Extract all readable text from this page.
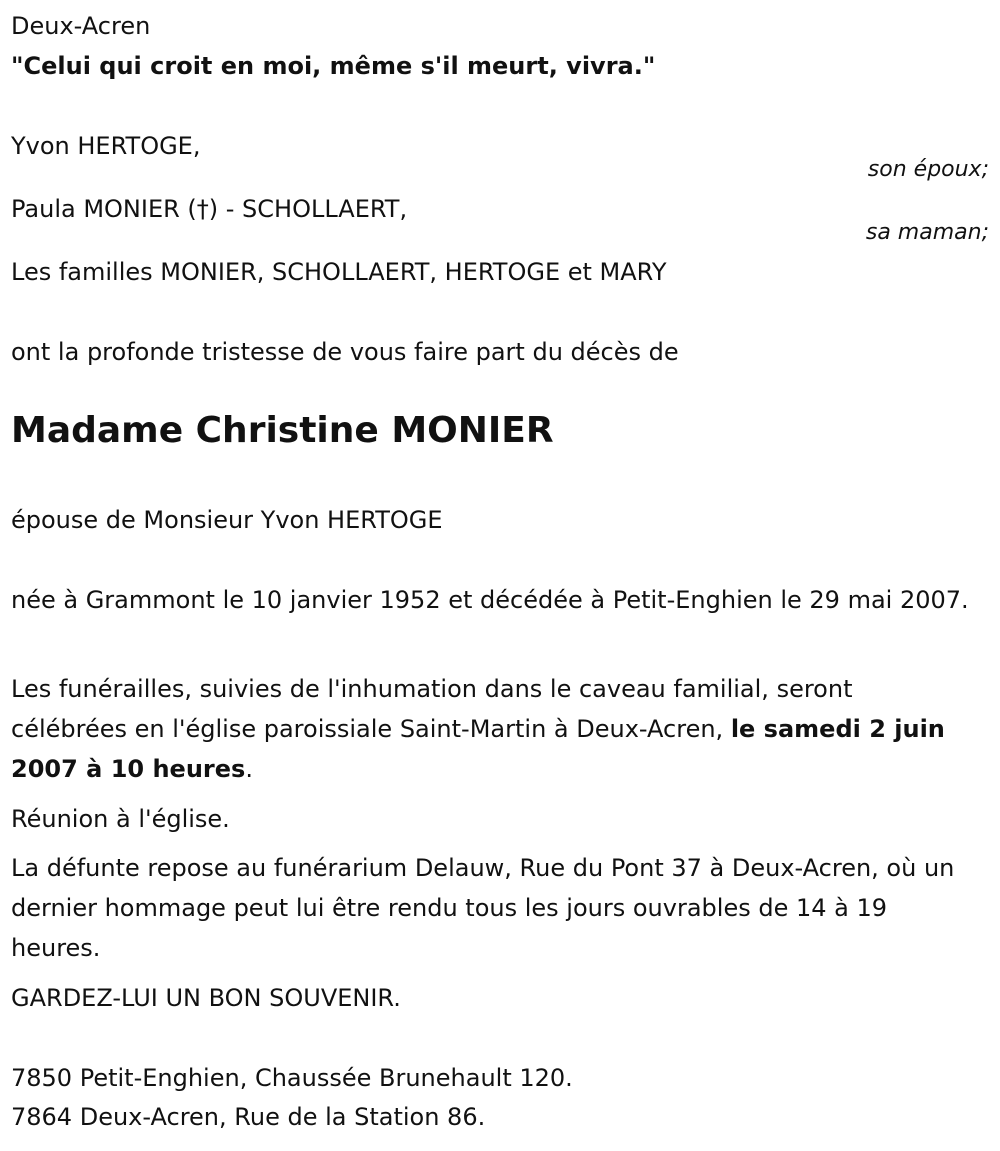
Deux-Acren
"Celui qui croit en moi, même s'il meurt, vivra."
Yvon HERTOGE,
son époux;
Paula MONIER (†) - SCHOLLAERT,
sa maman;
Les familles MONIER, SCHOLLAERT, HERTOGE et MARY
ont la profonde tristesse de vous faire part du décès de
Madame Christine MONIER
épouse de Monsieur Yvon HERTOGE
née à Grammont le 10 janvier 1952 et décédée à Petit-Enghien le 29 mai 2007.
Les funérailles, suivies de l'inhumation dans le caveau familial, seront célébrées en l'église paroissiale Saint-Martin à Deux-Acren, le samedi 2 juin 2007 à 10 heures.
Réunion à l'église.
La défunte repose au funérarium Delauw, Rue du Pont 37 à Deux-Acren, où un dernier hommage peut lui être rendu tous les jours ouvrables de 14 à 19 heures.
GARDEZ-LUI UN BON SOUVENIR.
7850 Petit-Enghien, Chaussée Brunehault 120.
7864 Deux-Acren, Rue de la Station 86.
